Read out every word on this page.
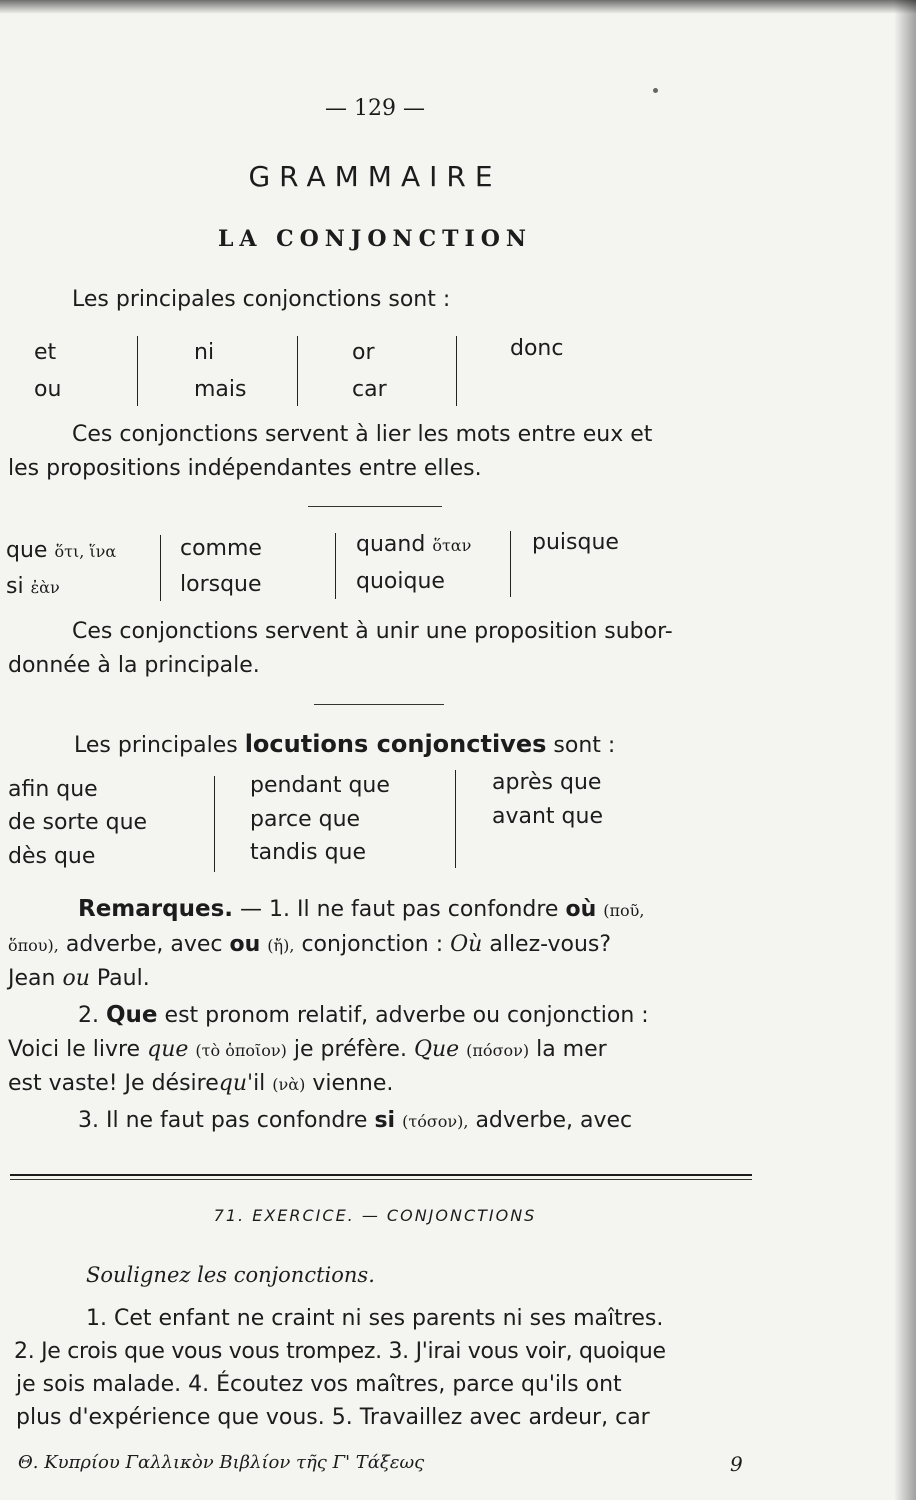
— 129 —
GRAMMAIRE
LA CONJONCTION
Les principales conjonctions sont :
et
ou
ni
mais
or
car
donc
Ces conjonctions servent à lier les mots entre eux et
les propositions indépendantes entre elles.
que ὅτι, ἵνα
si ἐὰν
comme
lorsque
quand ὅταν
quoique
puisque
Ces conjonctions servent à unir une proposition subor-
donnée à la principale.
Les principales locutions conjonctives sont :
afin que
de sorte que
dès que
pendant que
parce que
tandis que
après que
avant que
Remarques. — 1. Il ne faut pas confondre où (ποῦ,
ὅπου), adverbe, avec ou (ἤ), conjonction : Où allez-vous?
Jean ou Paul.
2. Que est pronom relatif, adverbe ou conjonction :
Voici le livre que (τὸ ὁποῖον) je préfère. Que (πόσον) la mer
est vaste! Je désirequ'il (νὰ) vienne.
3. Il ne faut pas confondre si (τόσον), adverbe, avec
71. EXERCICE. — CONJONCTIONS
Soulignez les conjonctions.
1. Cet enfant ne craint ni ses parents ni ses maîtres.
2. Je crois que vous vous trompez. 3. J'irai vous voir, quoique
je sois malade. 4. Écoutez vos maîtres, parce qu'ils ont
plus d'expérience que vous. 5. Travaillez avec ardeur, car
Θ. Κυπρίου Γαλλικὸν Βιβλίον τῆς Γ' Τάξεως	9
